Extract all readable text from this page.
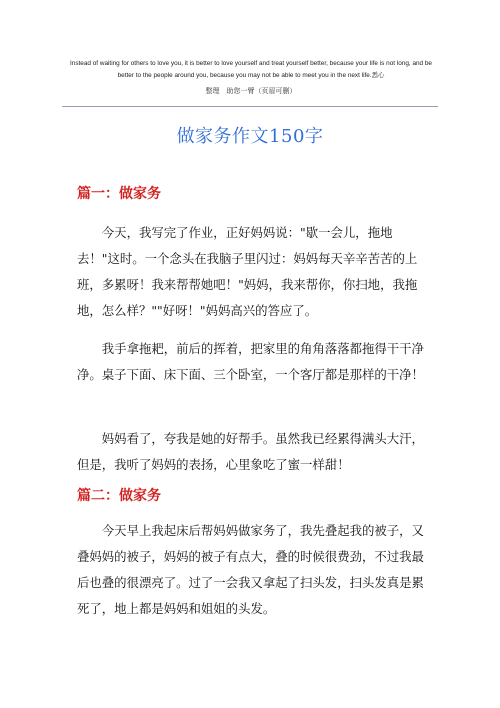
Instead of waiting for others to love you, it is better to love yourself and treat yourself better, because your life is not long, and be better to the people around you, because you may not be able to meet you in the next life.悉心
整理　助您一臂（页眉可删）
做家务作文150字
篇一：做家务
今天，我写完了作业，正好妈妈说："歇一会儿，拖地去！"这时。一个念头在我脑子里闪过：妈妈每天辛辛苦苦的上班，多累呀！我来帮帮她吧！"妈妈，我来帮你，你扫地，我拖地，怎么样？""好呀！"妈妈高兴的答应了。
我手拿拖耙，前后的挥着，把家里的角角落落都拖得干干净净。桌子下面、床下面、三个卧室，一个客厅都是那样的干净！
妈妈看了，夸我是她的好帮手。虽然我已经累得满头大汗，但是，我听了妈妈的表扬，心里象吃了蜜一样甜！
篇二：做家务
今天早上我起床后帮妈妈做家务了，我先叠起我的被子，又叠妈妈的被子，妈妈的被子有点大，叠的时候很费劲，不过我最后也叠的很漂亮了。过了一会我又拿起了扫头发，扫头发真是累死了，地上都是妈妈和姐姐的头发。
